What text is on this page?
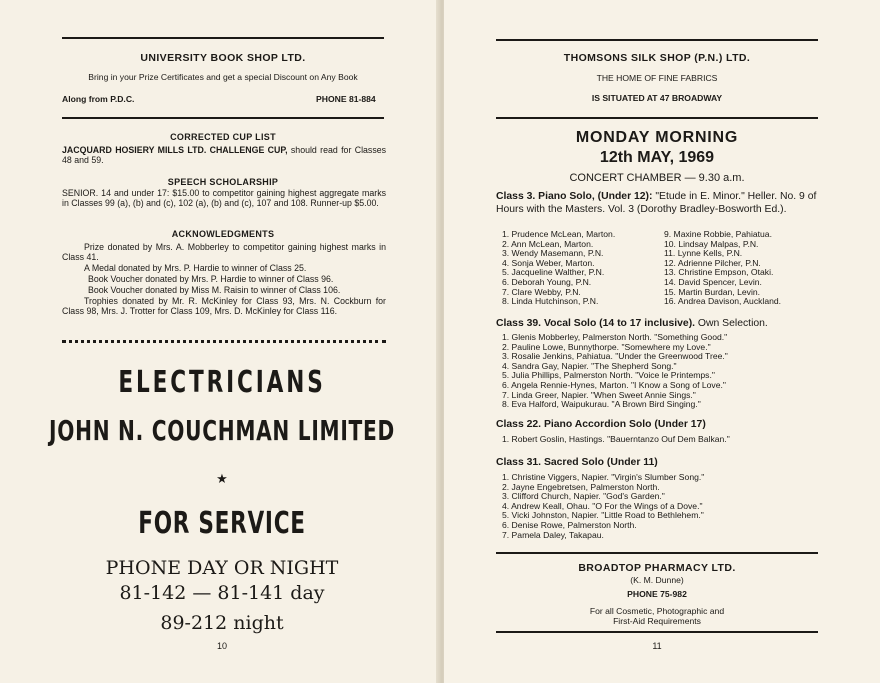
UNIVERSITY BOOK SHOP LTD.
Bring in your Prize Certificates and get a special Discount on Any Book
Along from P.D.C.	PHONE 81-884
CORRECTED CUP LIST
JACQUARD HOSIERY MILLS LTD. CHALLENGE CUP, should read for Classes 48 and 59.
SPEECH SCHOLARSHIP
SENIOR. 14 and under 17: $15.00 to competitor gaining highest aggregate marks in Classes 99 (a), (b) and (c), 102 (a), (b) and (c), 107 and 108. Runner-up $5.00.
ACKNOWLEDGMENTS
Prize donated by Mrs. A. Mobberley to competitor gaining highest marks in Class 41.
A Medal donated by Mrs. P. Hardie to winner of Class 25.
Book Voucher donated by Mrs. P. Hardie to winner of Class 96.
Book Voucher donated by Miss M. Raisin to winner of Class 106.
Trophies donated by Mr. R. McKinley for Class 93, Mrs. N. Cockburn for Class 98, Mrs. J. Trotter for Class 109, Mrs. D. McKinley for Class 116.
ELECTRICIANS
JOHN N. COUCHMAN LIMITED
★
FOR SERVICE
PHONE DAY OR NIGHT
81-142 — 81-141 day
89-212 night
10
THOMSONS SILK SHOP (P.N.) LTD.
THE HOME OF FINE FABRICS
IS SITUATED AT 47 BROADWAY
MONDAY MORNING
12th MAY, 1969
CONCERT CHAMBER — 9.30 a.m.
Class 3. Piano Solo, (Under 12): "Etude in E. Minor." Heller. No. 9 of Hours with the Masters. Vol. 3 (Dorothy Bradley-Bosworth Ed.).
1. Prudence McLean, Marton.
2. Ann McLean, Marton.
3. Wendy Masemann, P.N.
4. Sonja Weber, Marton.
5. Jacqueline Walther, P.N.
6. Deborah Young, P.N.
7. Clare Webby, P.N.
8. Linda Hutchinson, P.N.
9. Maxine Robbie, Pahiatua.
10. Lindsay Malpas, P.N.
11. Lynne Kells, P.N.
12. Adrienne Pilcher, P.N.
13. Christine Empson, Otaki.
14. David Spencer, Levin.
15. Martin Burdan, Levin.
16. Andrea Davison, Auckland.
Class 39. Vocal Solo (14 to 17 inclusive). Own Selection.
1. Glenis Mobberley, Palmerston North. "Something Good."
2. Pauline Lowe, Bunnythorpe. "Somewhere my Love."
3. Rosalie Jenkins, Pahiatua. "Under the Greenwood Tree."
4. Sandra Gay, Napier. "The Shepherd Song."
5. Julia Phillips, Palmerston North. "Voice le Printemps."
6. Angela Rennie-Hynes, Marton. "I Know a Song of Love."
7. Linda Greer, Napier. "When Sweet Annie Sings."
8. Eva Halford, Waipukurau. "A Brown Bird Singing."
Class 22. Piano Accordion Solo (Under 17)
1. Robert Goslin, Hastings. "Bauerntanzo Ouf Dem Balkan."
Class 31. Sacred Solo (Under 11)
1. Christine Viggers, Napier. "Virgin's Slumber Song."
2. Jayne Engebretsen, Palmerston North.
3. Clifford Church, Napier. "God's Garden."
4. Andrew Keall, Ohau. "O For the Wings of a Dove."
5. Vicki Johnston, Napier. "Little Road to Bethlehem."
6. Denise Rowe, Palmerston North.
7. Pamela Daley, Takapau.
BROADTOP PHARMACY LTD.
(K. M. Dunne)
PHONE 75-982
For all Cosmetic, Photographic and
First-Aid Requirements
11
